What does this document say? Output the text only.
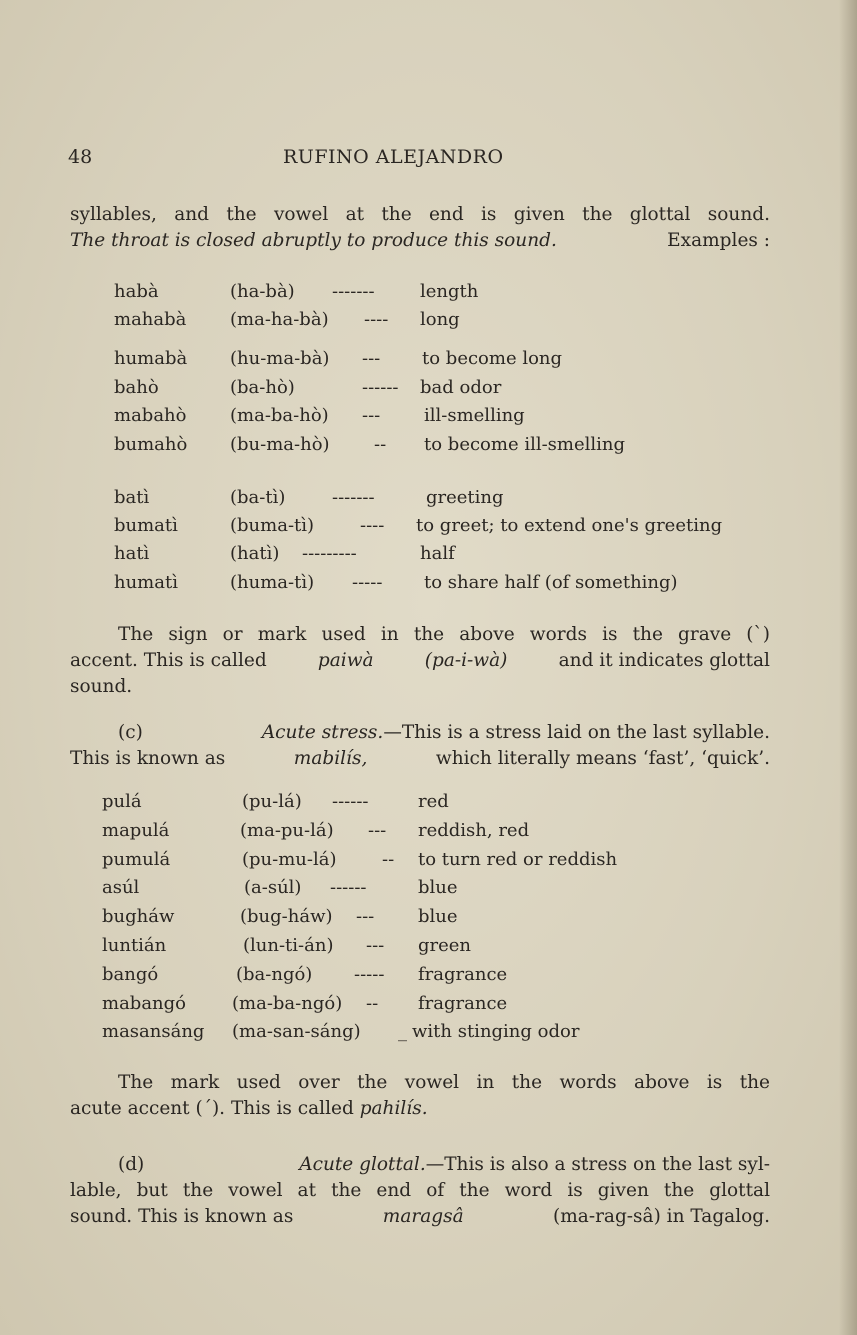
48	RUFINO ALEJANDRO
syllables, and the vowel at the end is given the glottal sound.
The throat is closed abruptly to produce this sound.	Examples :
habà	(ha-bà) -------	length
mahabà (ma-ha-bà) ---- long
humabà (hu-ma-bà) --- to become long
bahò	(ba-hò)	------ bad odor
mabahò (ma-ba-hò) --- ill-smelling
bumahò (bu-ma-hò) -- to become ill-smelling
batì	(ba-tì)	-------	greeting
bumatì	(buma-tì)	---- to greet; to extend one's greeting
hatì	(hatì) ---------	half
humatì	(huma-tì) ----- to share half (of something)
The sign or mark used in the above words is the grave (`)
accent. This is called	paiwà	(pa-i-wà)	and it indicates glottal
sound.
(c)	Acute stress.—This is a stress laid on the last syllable.
This is known as	mabilís,	which literally means ‘fast’, ‘quick’.
pulá	(pu-lá) ------	red
mapulá	(ma-pu-lá) --- reddish, red
pumulá	(pu-mu-lá)	-- to turn red or reddish
asúl	(a-súl) ------	blue
bugháw	(bug-háw) --- blue
luntián	(lun-ti-án) --- green
bangó	(ba-ngó) ----- fragrance
mabangó	(ma-ba-ngó) -- fragrance
masansáng (ma-san-sáng) _ with stinging odor
The mark used over the vowel in the words above is the
acute accent (´). This is called pahilís.
(d)	Acute glottal.—This is also a stress on the last syl-
lable, but the vowel at the end of the word is given the glottal
sound. This is known as	maragsâ	(ma-rag-sâ) in Tagalog.
